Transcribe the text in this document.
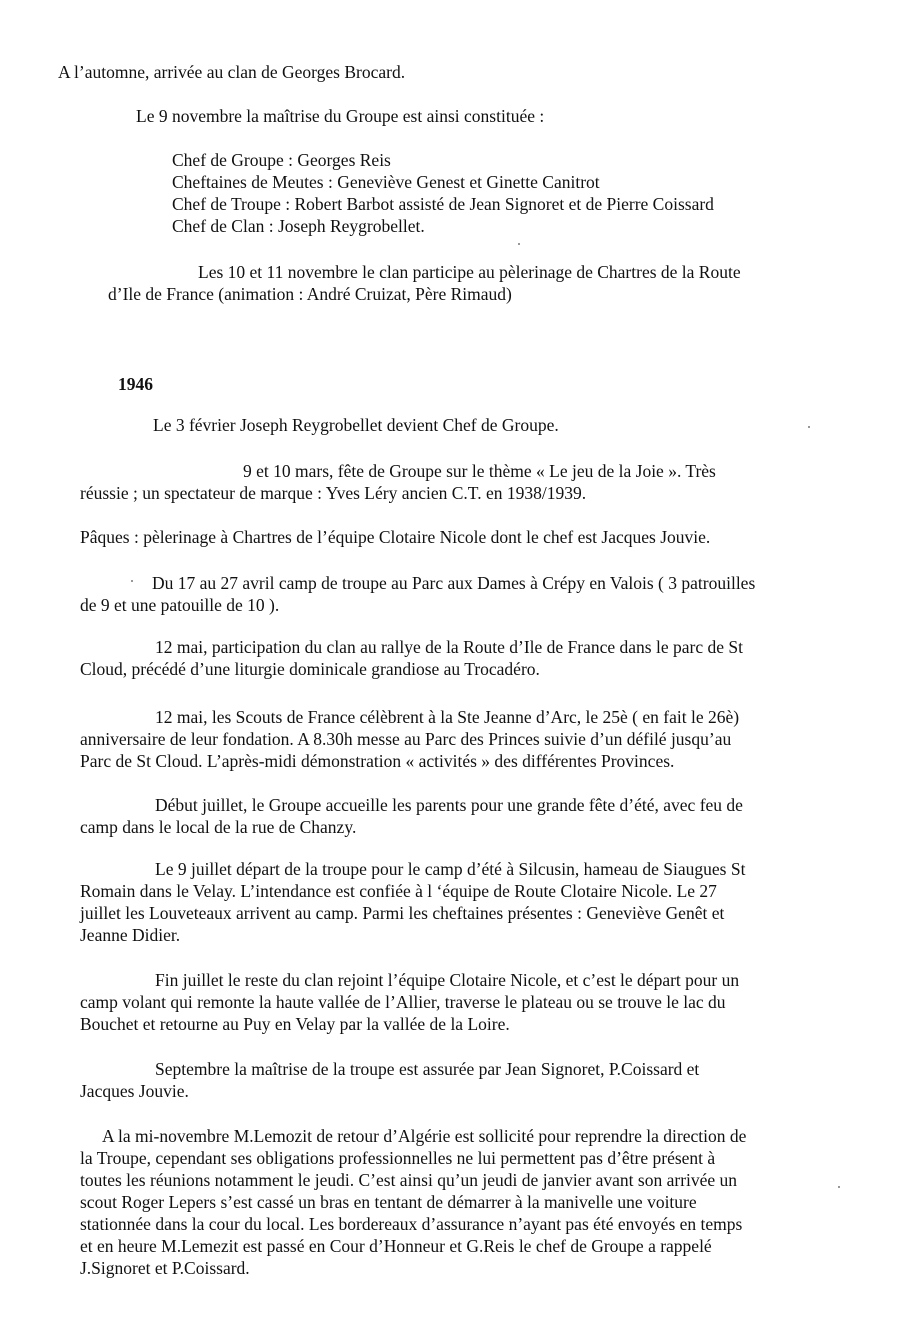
A l’automne, arrivée au clan de Georges Brocard.
Le 9 novembre la maîtrise du Groupe est ainsi constituée :
Chef de Groupe : Georges Reis
Cheftaines de Meutes : Geneviève Genest et Ginette Canitrot
Chef de Troupe : Robert Barbot assisté de Jean Signoret et de Pierre Coissard
Chef de Clan : Joseph Reygrobellet.
Les 10 et 11 novembre le clan participe au pèlerinage de Chartres de la Route
d’Ile de France (animation : André Cruizat, Père Rimaud)
1946
Le 3 février Joseph Reygrobellet devient Chef de Groupe.
9 et 10 mars, fête de Groupe sur le thème « Le jeu de la Joie ». Très
réussie ; un spectateur de marque : Yves Léry ancien C.T. en 1938/1939.
Pâques : pèlerinage à Chartres de l’équipe Clotaire Nicole dont le chef est Jacques Jouvie.
Du 17 au 27 avril camp de troupe au Parc aux Dames à Crépy en Valois ( 3 patrouilles
de 9 et une patouille de 10 ).
12 mai, participation du clan au rallye de la Route d’Ile de France dans le parc de St
Cloud, précédé d’une liturgie dominicale grandiose au Trocadéro.
12 mai, les Scouts de France célèbrent à la Ste Jeanne d’Arc, le 25è ( en fait le 26è)
anniversaire de leur fondation. A 8.30h messe au Parc des Princes suivie d’un défilé jusqu’au
Parc de St Cloud. L’après-midi démonstration « activités » des différentes Provinces.
Début juillet, le Groupe accueille les parents pour une grande fête d’été, avec feu de
camp dans le local de la rue de Chanzy.
Le 9 juillet départ de la troupe pour le camp d’été à Silcusin, hameau de Siaugues St
Romain dans le Velay. L’intendance est confiée à l ‘équipe de Route Clotaire Nicole. Le 27
juillet les Louveteaux arrivent au camp. Parmi les cheftaines présentes : Geneviève Genêt et
Jeanne Didier.
Fin juillet le reste du clan rejoint l’équipe Clotaire Nicole, et c’est le départ pour un
camp volant qui remonte la haute vallée de l’Allier, traverse le plateau ou se trouve le lac du
Bouchet et retourne au Puy en Velay par la vallée de la Loire.
Septembre la maîtrise de la troupe est assurée par Jean Signoret, P.Coissard et
Jacques Jouvie.
A la mi-novembre M.Lemozit de retour d’Algérie est sollicité pour reprendre la direction de
la Troupe, cependant ses obligations professionnelles ne lui permettent pas d’être présent à
toutes les réunions notamment le jeudi. C’est ainsi qu’un jeudi de janvier avant son arrivée un
scout Roger Lepers s’est cassé un bras en tentant de démarrer à la manivelle une voiture
stationnée dans la cour du local. Les bordereaux d’assurance n’ayant pas été envoyés en temps
et en heure M.Lemezit est passé en Cour d’Honneur et G.Reis le chef de Groupe a rappelé
J.Signoret et P.Coissard.
